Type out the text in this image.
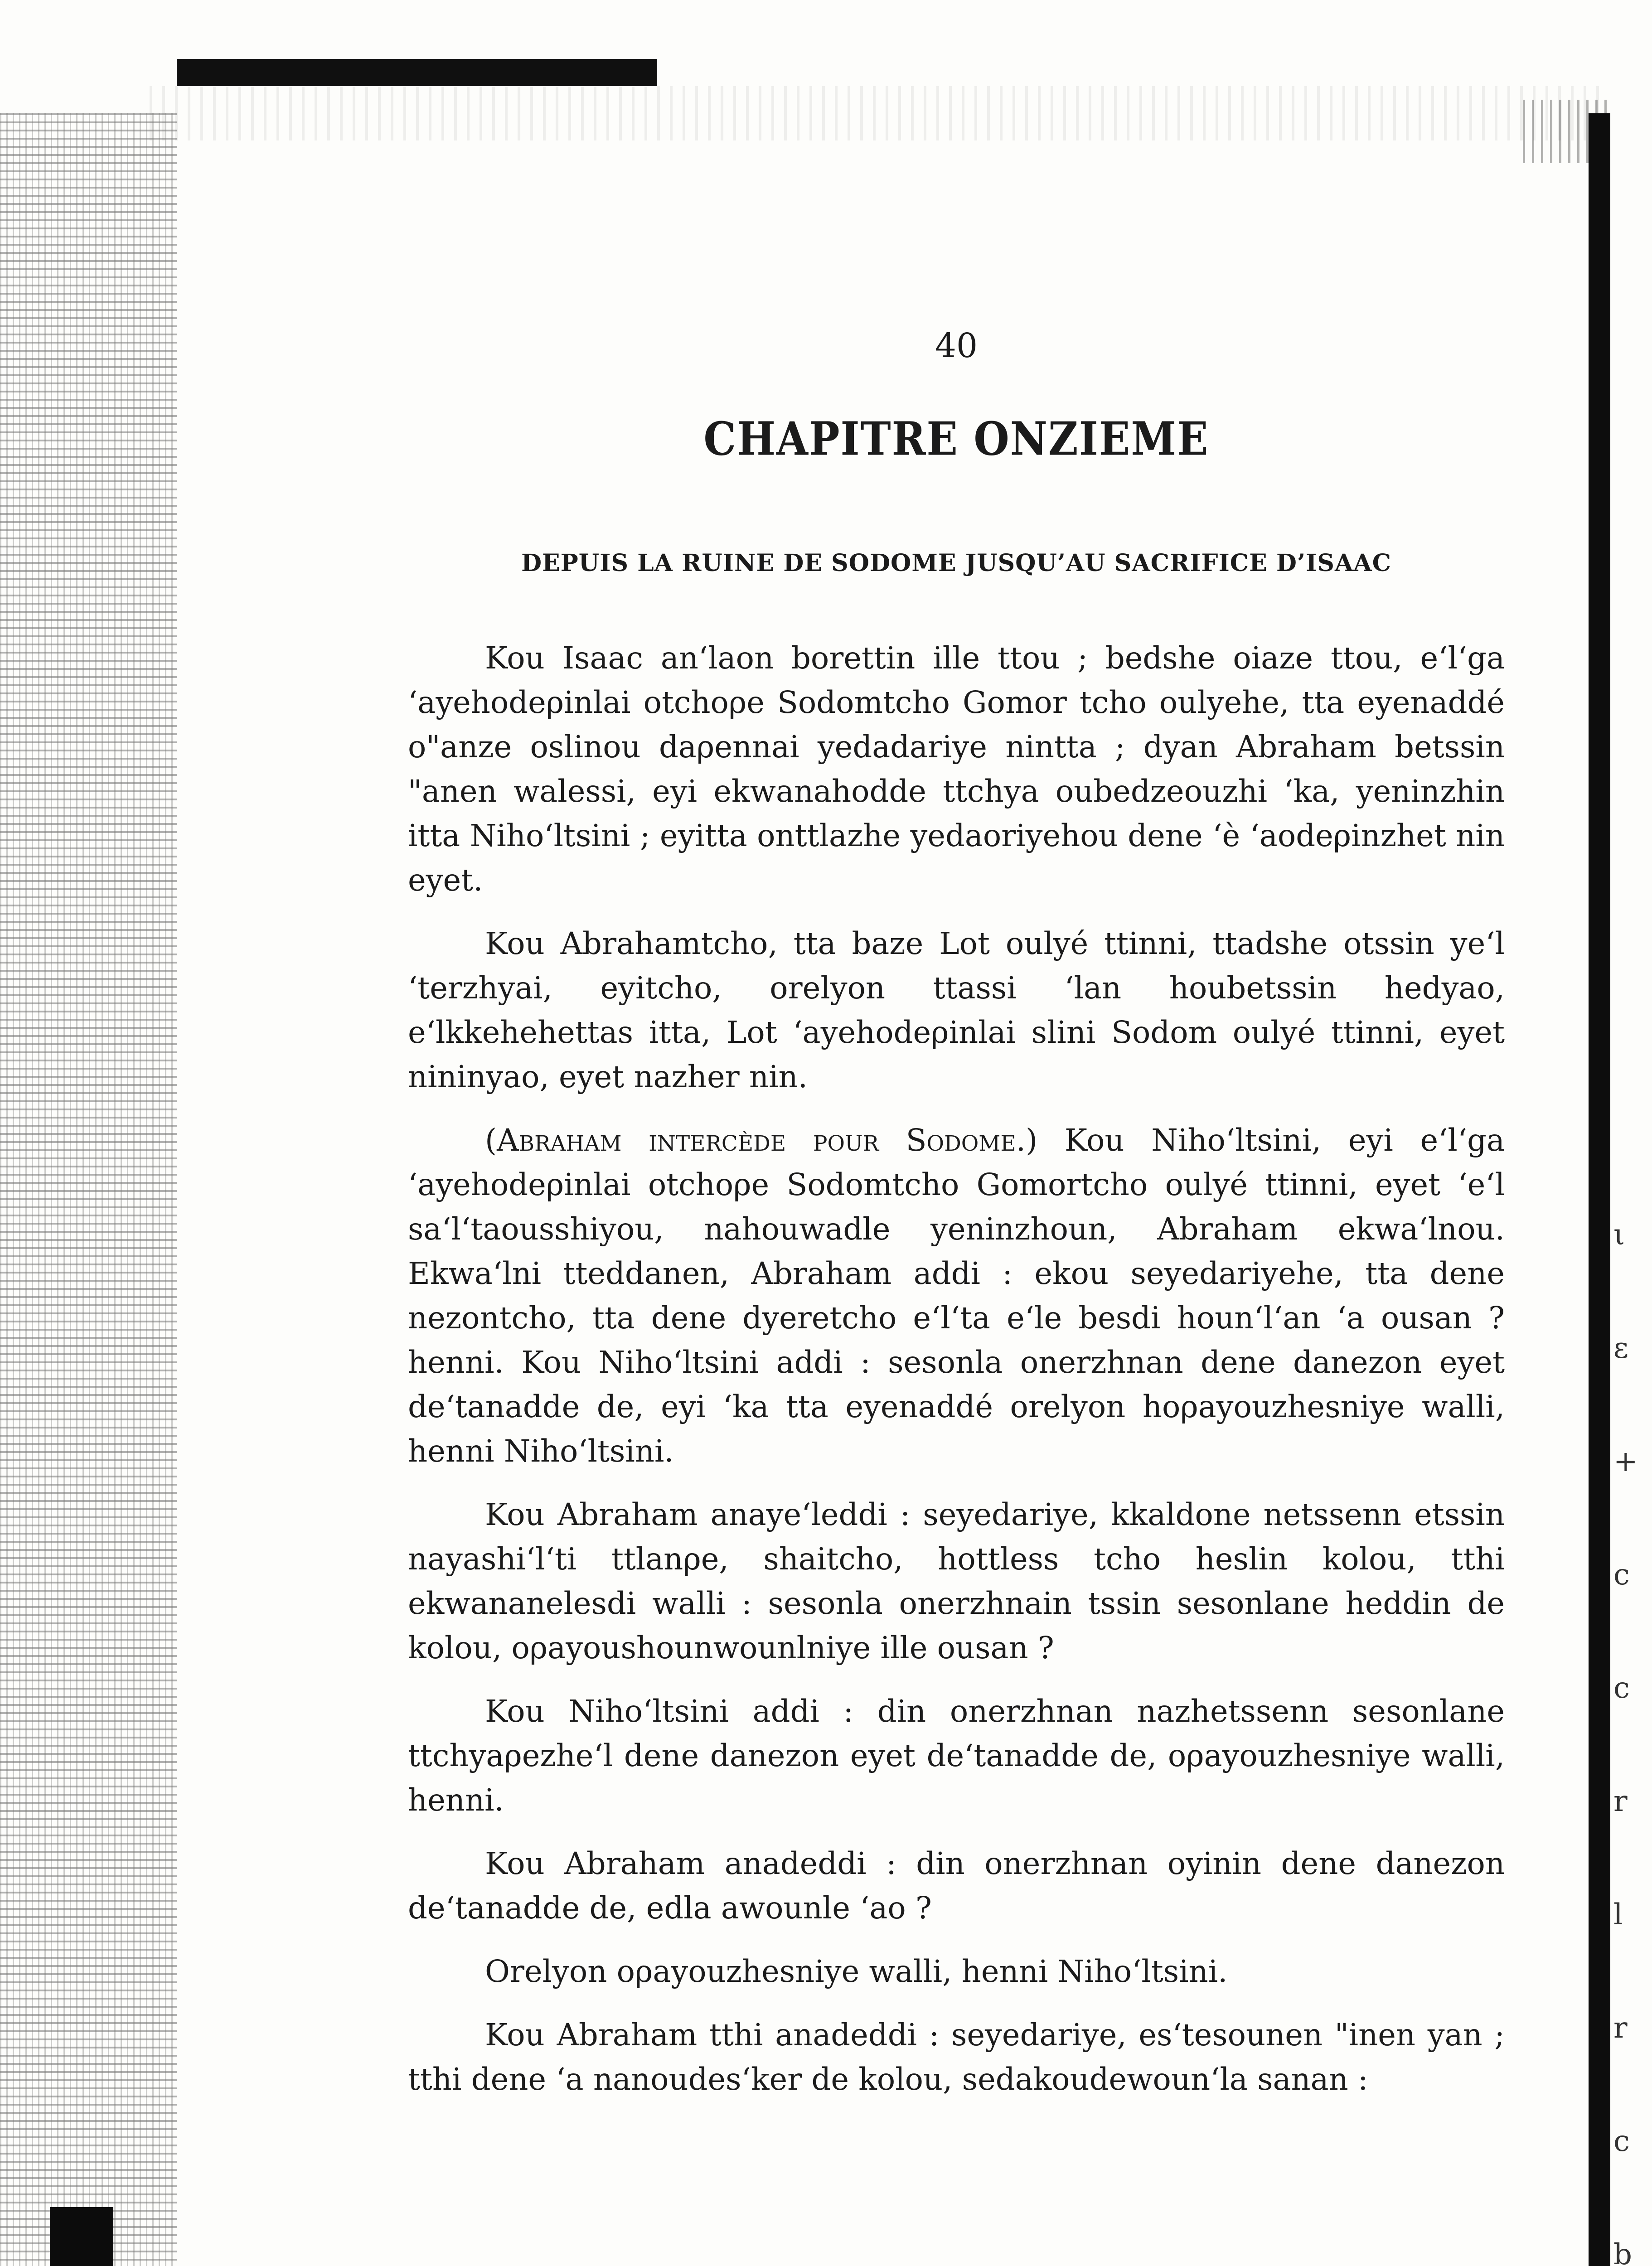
40
CHAPITRE ONZIEME
DEPUIS LA RUINE DE SODOME JUSQU’AU SACRIFICE D’ISAAC

Kou Isaac an‘laon borettin ille ttou ; bedshe oiaze ttou, e‘l‘ga ‘ayehodeρinlai otchoρe Sodomtcho Gomor tcho oulyehe, tta eyenaddé o"anze oslinou daρennai yedadariye nintta ; dyan Abraham betssin "anen walessi, eyi ekwanahodde ttchya oubedzeouzhi ‘ka, yeninzhin itta Niho‘ltsini ; eyitta onttlazhe yedaoriyehou dene ‘è ‘aodeρinzhet nin eyet.

Kou Abrahamtcho, tta baze Lot oulyé ttinni, ttadshe otssin ye‘l ‘terzhyai, eyitcho, orelyon ttassi ‘lan houbetssin hedyao, e‘lkkehehettas itta, Lot ‘ayehodeρinlai slini Sodom oulyé ttinni, eyet nininyao, eyet nazher nin.

(Abraham intercède pour Sodome.) Kou Niho‘ltsini, eyi e‘l‘ga ‘ayehodeρinlai otchoρe Sodomtcho Gomortcho oulyé ttinni, eyet ‘e‘l sa‘l‘taousshiyou, nahouwadle yeninzhoun, Abraham ekwa‘lnou. Ekwa‘lni tteddanen, Abraham addi : ekou seyedariyehe, tta dene nezontcho, tta dene dyeretcho e‘l‘ta e‘le besdi houn‘l‘an ‘a ousan ? henni. Kou Niho‘ltsini addi : sesonla onerzhnan dene danezon eyet de‘tanadde de, eyi ‘ka tta eyenaddé orelyon hoρayouzhesniye walli, henni Niho‘ltsini.

Kou Abraham anaye‘leddi : seyedariye, kkaldone netssenn etssin nayashi‘l‘ti ttlanρe, shaitcho, hottless tcho heslin kolou, tthi ekwananelesdi walli : sesonla onerzhnain tssin sesonlane heddin de kolou, oρayoushounwounlniye ille ousan ?

Kou Niho‘ltsini addi : din onerzhnan nazhetssenn sesonlane ttchyaρezhe‘l dene danezon eyet de‘tanadde de, oρayouzhesniye walli, henni.

Kou Abraham anadeddi : din onerzhnan oyinin dene danezon de‘tanadde de, edla awounle ‘ao ?

Orelyon oρayouzhesniye walli, henni Niho‘ltsini.

Kou Abraham tthi anadeddi : seyedariye, es‘tesounen "inen yan ; tthi dene ‘a nanoudes‘ker de kolou, sedakoudewoun‘la sanan :

ι
ε
+
c
c
r
l
r
c
b
